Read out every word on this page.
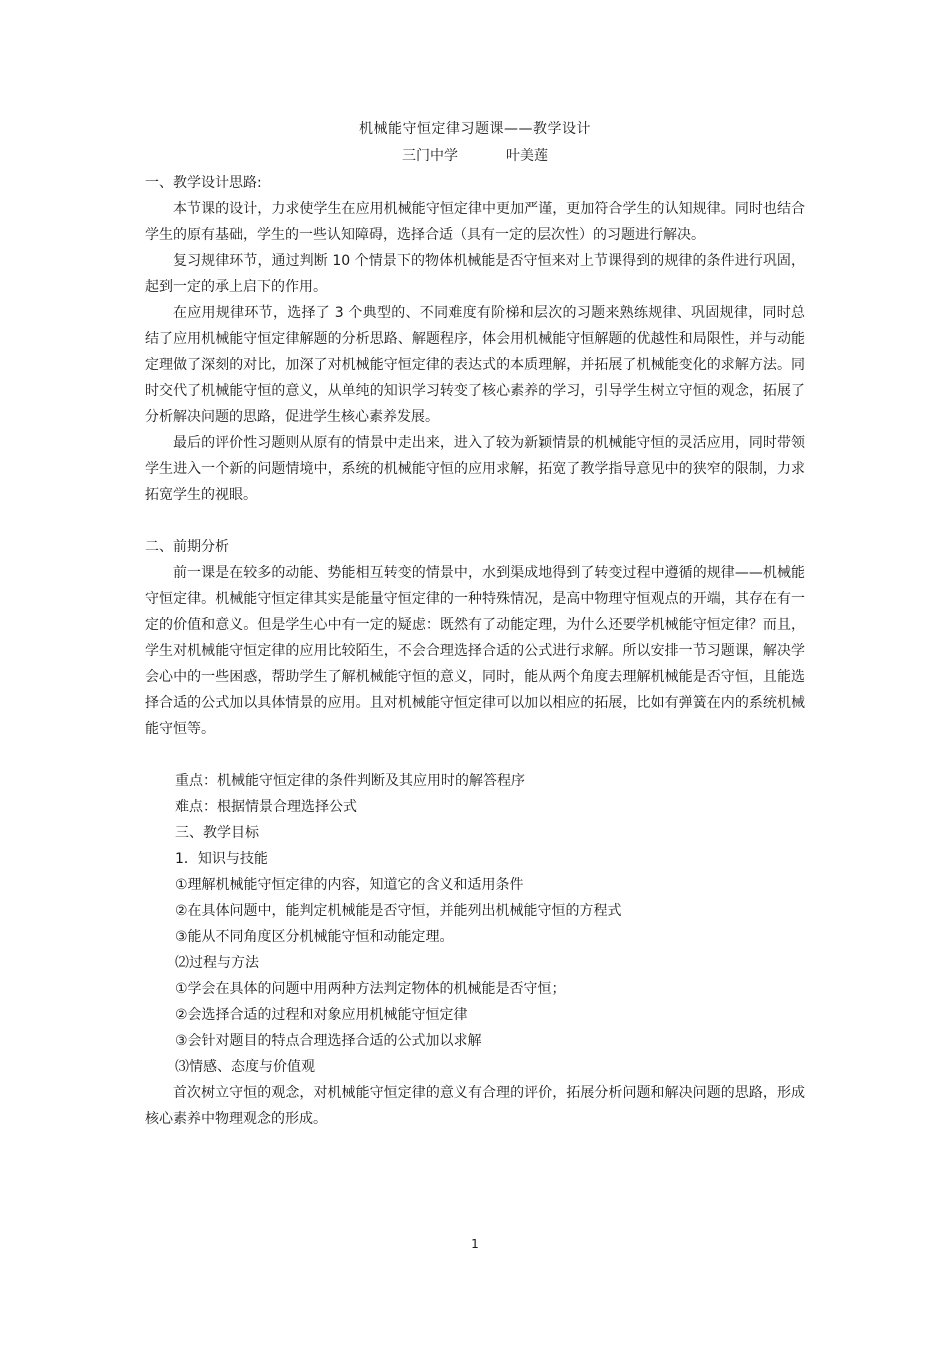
机械能守恒定律习题课——教学设计
三门中学	叶美莲
一、教学设计思路:

本节课的设计，力求使学生在应用机械能守恒定律中更加严谨，更加符合学生的认知规律。同时也结合学生的原有基础，学生的一些认知障碍，选择合适（具有一定的层次性）的习题进行解决。

复习规律环节，通过判断 10 个情景下的物体机械能是否守恒来对上节课得到的规律的条件进行巩固，起到一定的承上启下的作用。

在应用规律环节，选择了 3 个典型的、不同难度有阶梯和层次的习题来熟练规律、巩固规律，同时总结了应用机械能守恒定律解题的分析思路、解题程序，体会用机械能守恒解题的优越性和局限性，并与动能定理做了深刻的对比，加深了对机械能守恒定律的表达式的本质理解，并拓展了机械能变化的求解方法。同时交代了机械能守恒的意义，从单纯的知识学习转变了核心素养的学习，引导学生树立守恒的观念，拓展了分析解决问题的思路，促进学生核心素养发展。

最后的评价性习题则从原有的情景中走出来，进入了较为新颖情景的机械能守恒的灵活应用，同时带领学生进入一个新的问题情境中，系统的机械能守恒的应用求解，拓宽了教学指导意见中的狭窄的限制，力求拓宽学生的视眼。

二、前期分析

前一课是在较多的动能、势能相互转变的情景中，水到渠成地得到了转变过程中遵循的规律——机械能守恒定律。机械能守恒定律其实是能量守恒定律的一种特殊情况，是高中物理守恒观点的开端，其存在有一定的价值和意义。但是学生心中有一定的疑虑：既然有了动能定理，为什么还要学机械能守恒定律？而且，学生对机械能守恒定律的应用比较陌生，不会合理选择合适的公式进行求解。所以安排一节习题课，解决学会心中的一些困惑，帮助学生了解机械能守恒的意义，同时，能从两个角度去理解机械能是否守恒，且能选择合适的公式加以具体情景的应用。且对机械能守恒定律可以加以相应的拓展，比如有弹簧在内的系统机械能守恒等。

重点：机械能守恒定律的条件判断及其应用时的解答程序
难点：根据情景合理选择公式
三、教学目标
1．知识与技能
①理解机械能守恒定律的内容，知道它的含义和适用条件
②在具体问题中，能判定机械能是否守恒，并能列出机械能守恒的方程式
③能从不同角度区分机械能守恒和动能定理。
⑵过程与方法
①学会在具体的问题中用两种方法判定物体的机械能是否守恒；
②会选择合适的过程和对象应用机械能守恒定律
③会针对题目的特点合理选择合适的公式加以求解
⑶情感、态度与价值观

首次树立守恒的观念，对机械能守恒定律的意义有合理的评价，拓展分析问题和解决问题的思路，形成核心素养中物理观念的形成。

1
